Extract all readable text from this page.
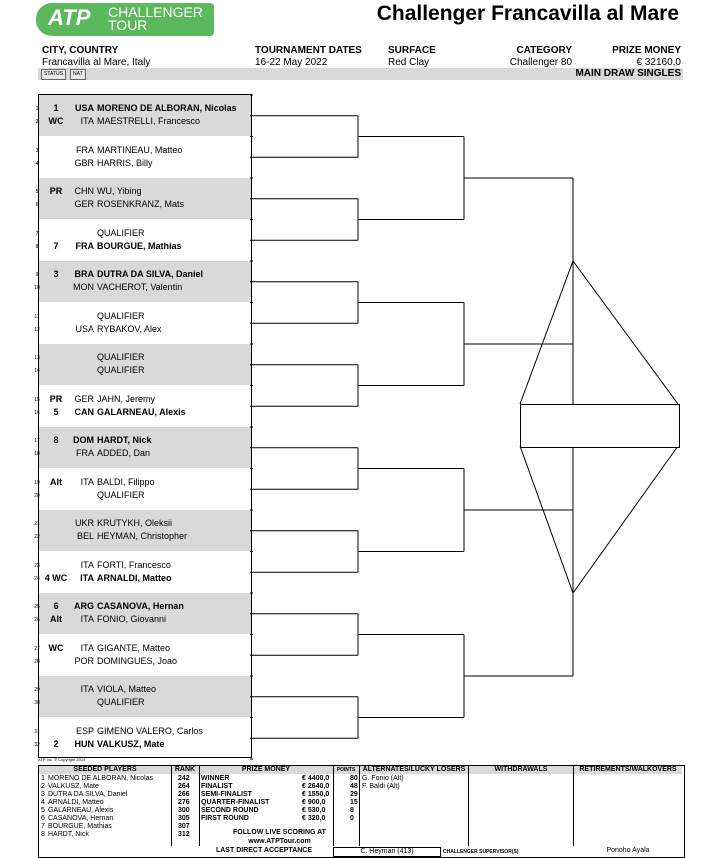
ATP CHALLENGER
TOUR	Challenger Francavilla al Mare
CITY, COUNTRY
Francavilla al Mare, Italy
TOURNAMENT DATES
16-22 May 2022
SURFACE
Red Clay
CATEGORY
Challenger 80
PRIZE MONEY
€ 32160,0
STATUS	NAT	MAIN DRAW SINGLES
1	1	USA MORENO DE ALBORAN, Nicolas
2	WC	ITA MAESTRELLI, Francesco
3	FRA MARTINEAU, Matteo
4	GBR HARRIS, Billy
5	PR	CHN WU, Yibing
6	GER ROSENKRANZ, Mats
7	QUALIFIER
8	7	FRA BOURGUE, Mathias
9	3	BRA DUTRA DA SILVA, Daniel
10	MON VACHEROT, Valentin
11	QUALIFIER
12	USA RYBAKOV, Alex
13	QUALIFIER
14	QUALIFIER
15	PR	GER JAHN, Jeremy
16	5	CAN GALARNEAU, Alexis
17	8	DOM HARDT, Nick
18	FRA ADDED, Dan
19	Alt	ITA BALDI, Filippo
20	QUALIFIER
21	UKR KRUTYKH, Oleksii
22	BEL HEYMAN, Christopher
23	ITA FORTI, Francesco
24 4 WC	ITA ARNALDI, Matteo
25	6	ARG CASANOVA, Hernan
26	Alt	ITA FONIO, Giovanni
27 WC	ITA GIGANTE, Matteo
28	POR DOMINGUES, Joao
29	ITA VIOLA, Matteo
30	QUALIFIER
31	ESP GIMENO VALERO, Carlos
32	2	HUN VALKUSZ, Mate
ATP Inc. © Copyright 2014
SEEDED PLAYERS	RANK	PRIZE MONEY	POINTS	ALTERNATES/LUCKY LOSERS	WITHDRAWALS	RETIREMENTS/WALKOVERS
1 MORENO DE ALBORAN, Nicolas	242
2 VALKUSZ, Mate	264
3 DUTRA DA SILVA, Daniel	266
4 ARNALDI, Matteo	276
5 GALARNEAU, Alexis	300
6 CASANOVA, Hernan	305
7 BOURGUE, Mathias	307
8 HARDT, Nick	312
WINNER	€ 4400,0	80
FINALIST	€ 2640,0	48
SEMI-FINALIST	€ 1550,0	29
QUARTER-FINALIST	€ 900,0	15
SECOND ROUND	€ 530,0	8
FIRST ROUND	€ 320,0	0
G. Fonio (Alt)
F. Baldi (Alt)
FOLLOW LIVE SCORING AT
www.ATPTour.com
LAST DIRECT ACCEPTANCE	C. Heyman (413)	CHALLENGER SUPERVISOR(S)	Ponoho Ayala
